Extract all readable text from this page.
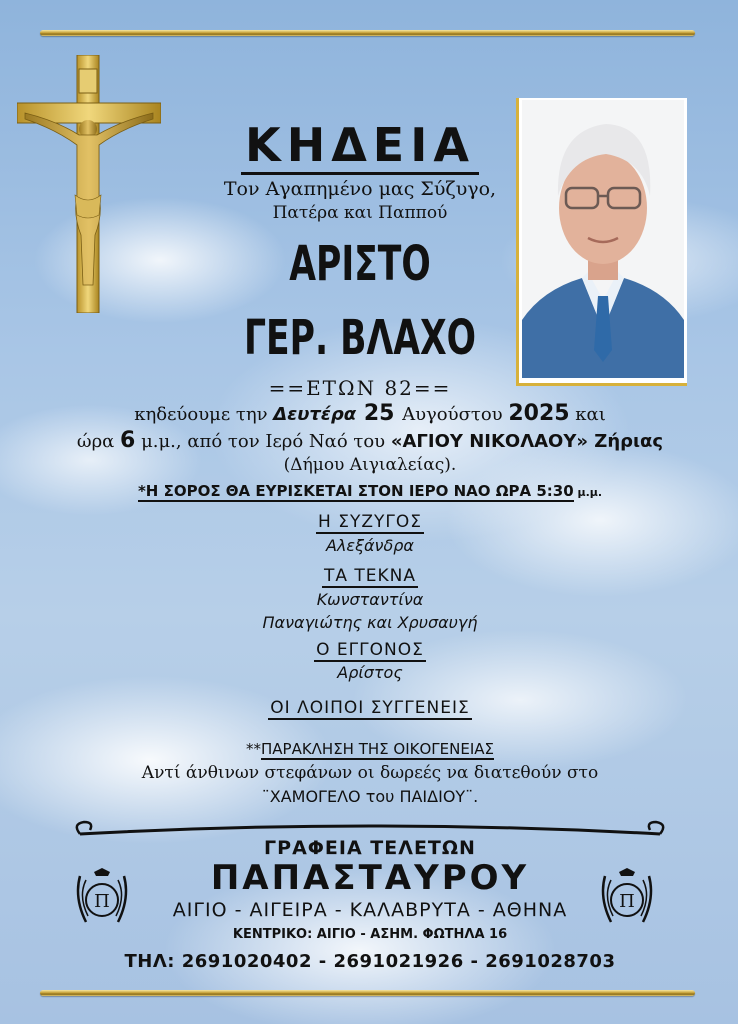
ΚΗΔΕΙΑ
Τον Αγαπημένο μας Σύζυγο,
Πατέρα και Παππού
ΑΡΙΣΤΟ
ΓΕΡ. ΒΛΑΧΟ
==ΕΤΩΝ 82==
κηδεύουμε την Δευτέρα 25 Αυγούστου 2025 και
ώρα 6 μ.μ., από τον Ιερό Ναό του «ΑΓΙΟΥ ΝΙΚΟΛΑΟΥ» Ζήριας
(Δήμου Αιγιαλείας).
*Η ΣΟΡΟΣ ΘΑ ΕΥΡΙΣΚΕΤΑΙ ΣΤΟΝ ΙΕΡΟ ΝΑΟ ΩΡΑ 5:30 μ.μ.
Η ΣΥΖΥΓΟΣ
Αλεξάνδρα
ΤΑ ΤΕΚΝΑ
Κωνσταντίνα
Παναγιώτης και Χρυσαυγή
Ο ΕΓΓΟΝΟΣ
Αρίστος
ΟΙ ΛΟΙΠΟΙ ΣΥΓΓΕΝΕΙΣ
**ΠΑΡΑΚΛΗΣΗ ΤΗΣ ΟΙΚΟΓΕΝΕΙΑΣ
Αντί άνθινων στεφάνων οι δωρεές να διατεθούν στο
¨ΧΑΜΟΓΕΛΟ του ΠΑΙΔΙΟΥ¨.
ΓΡΑΦΕΙΑ ΤΕΛΕΤΩΝ
ΠΑΠΑΣΤΑΥΡΟΥ
ΑΙΓΙΟ - ΑΙΓΕΙΡΑ - ΚΑΛΑΒΡΥΤΑ - ΑΘΗΝΑ
ΚΕΝΤΡΙΚΟ: ΑΙΓΙΟ - ΑΣΗΜ. ΦΩΤΗΛΑ 16
ΤΗΛ: 2691020402 - 2691021926 - 2691028703
Π	Π
